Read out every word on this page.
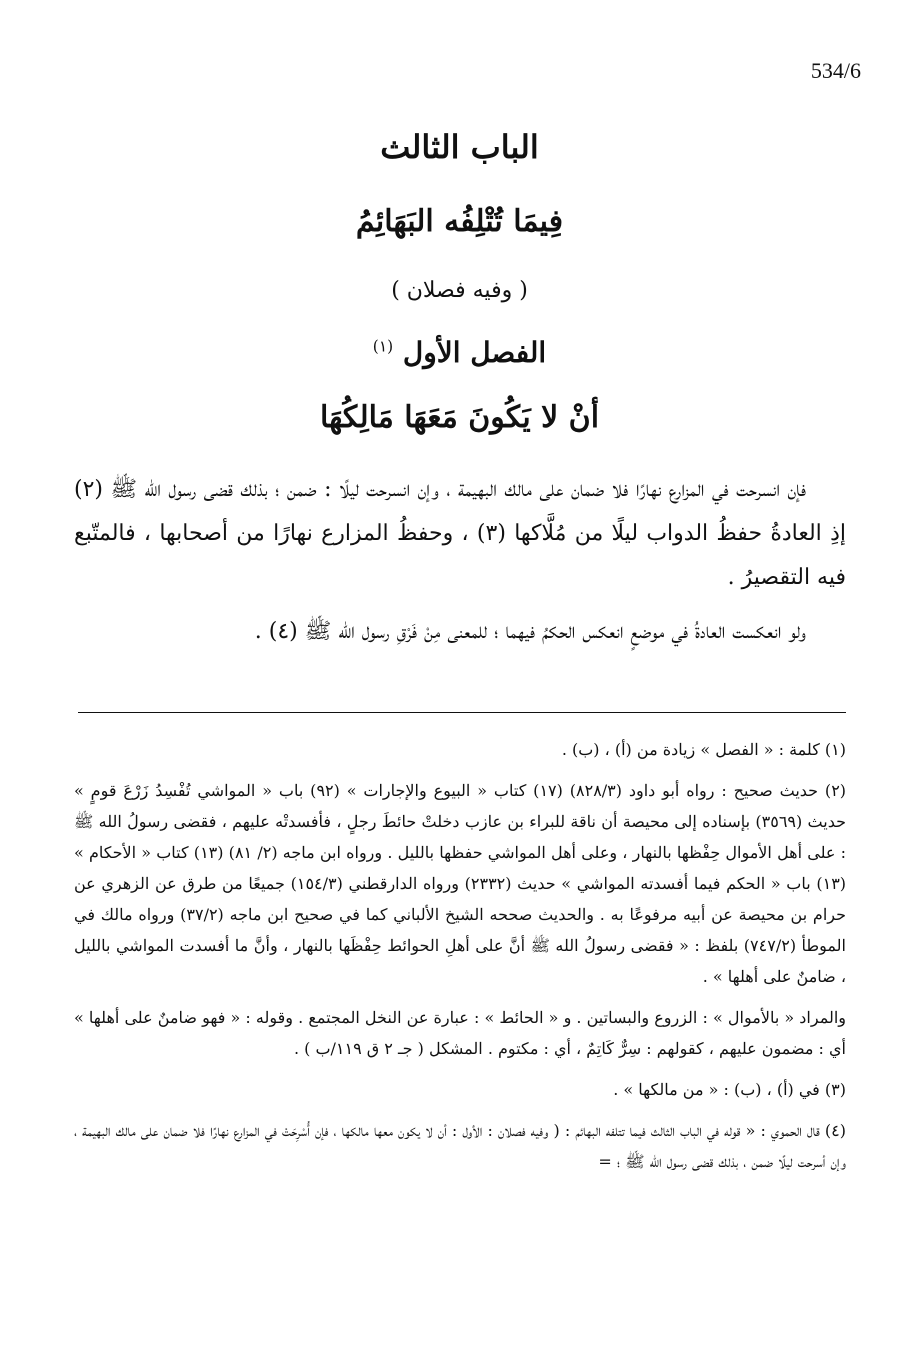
534/6
الباب الثالث
فِيمَا تُتْلِفُه البَهَائِمُ
( وفيه فصلان )
الفصل الأول $^{(١)}$
أنْ لا يَكُونَ مَعَهَا مَالِكُهَا

فإن انسرحت في المزارع نهارًا فلا ضمان على مالك البهيمة ، وإن انسرحت ليلًا : ضمن ؛ بذلك قضى رسول الله ﷺ (٢) إذِ العادةُ حفظُ الدواب ليلًا من مُلَّاكها (٣) ، وحفظُ المزارع نهارًا من أصحابها ، فالمتّبع فيه التقصيرُ .

ولو انعكست العادةُ في موضعٍ انعكس الحكمُ فيهما ؛ للمعنى مِنْ فَرْقِ رسول الله ﷺ (٤) .

(١) كلمة : « الفصل » زيادة من (أ) ، (ب) .

(٢) حديث صحيح : رواه أبو داود (٨٢٨/٣) (١٧) كتاب « البيوع والإجارات » (٩٢) باب « المواشي تُفْسِدُ زَرْعَ قومٍ » حديث (٣٥٦٩) بإسناده إلى محيصة أن ناقة للبراء بن عازب دخلتْ حائطَ رجلٍ ، فأفسدتْه عليهم ، فقضى رسولُ الله ﷺ : على أهل الأموال حِفْظها بالنهار ، وعلى أهل المواشي حفظها بالليل . ورواه ابن ماجه (٢/ ٨١) (١٣) كتاب « الأحكام » (١٣) باب « الحكم فيما أفسدته المواشي » حديث (٢٣٣٢) ورواه الدارقطني (١٥٤/٣) جميعًا من طرق عن الزهري عن حرام بن محيصة عن أبيه مرفوعًا به . والحديث صححه الشيخ الألباني كما في صحيح ابن ماجه (٣٧/٢) ورواه مالك في الموطأ (٧٤٧/٢) بلفظ : « فقضى رسولُ الله ﷺ أنَّ على أهلِ الحوائط حِفْظَها بالنهار ، وأنَّ ما أفسدت المواشي بالليل ، ضامنٌ على أهلها » .

والمراد « بالأموال » : الزروع والبساتين . و « الحائط » : عبارة عن النخل المجتمع . وقوله : « فهو ضامنٌ على أهلها » أي : مضمون عليهم ، كقولهم : سِرٌّ كَاتِمٌ ، أي : مكتوم . المشكل ( جـ ٢ ق ١١٩/ب ) .

(٣) في (أ) ، (ب) : « من مالكها » .

(٤) قال الحموي : « قوله في الباب الثالث فيما تتلفه البهائم : ( وفيه فصلان : الأول : أن لا يكون معها مالكها ، فإن أُسْرِحَتْ في المزارع نهارًا فلا ضمان على مالك البهيمة ، وإن أسرحت ليلًا ضمن ، بذلك قضى رسول الله ﷺ ؛ =
